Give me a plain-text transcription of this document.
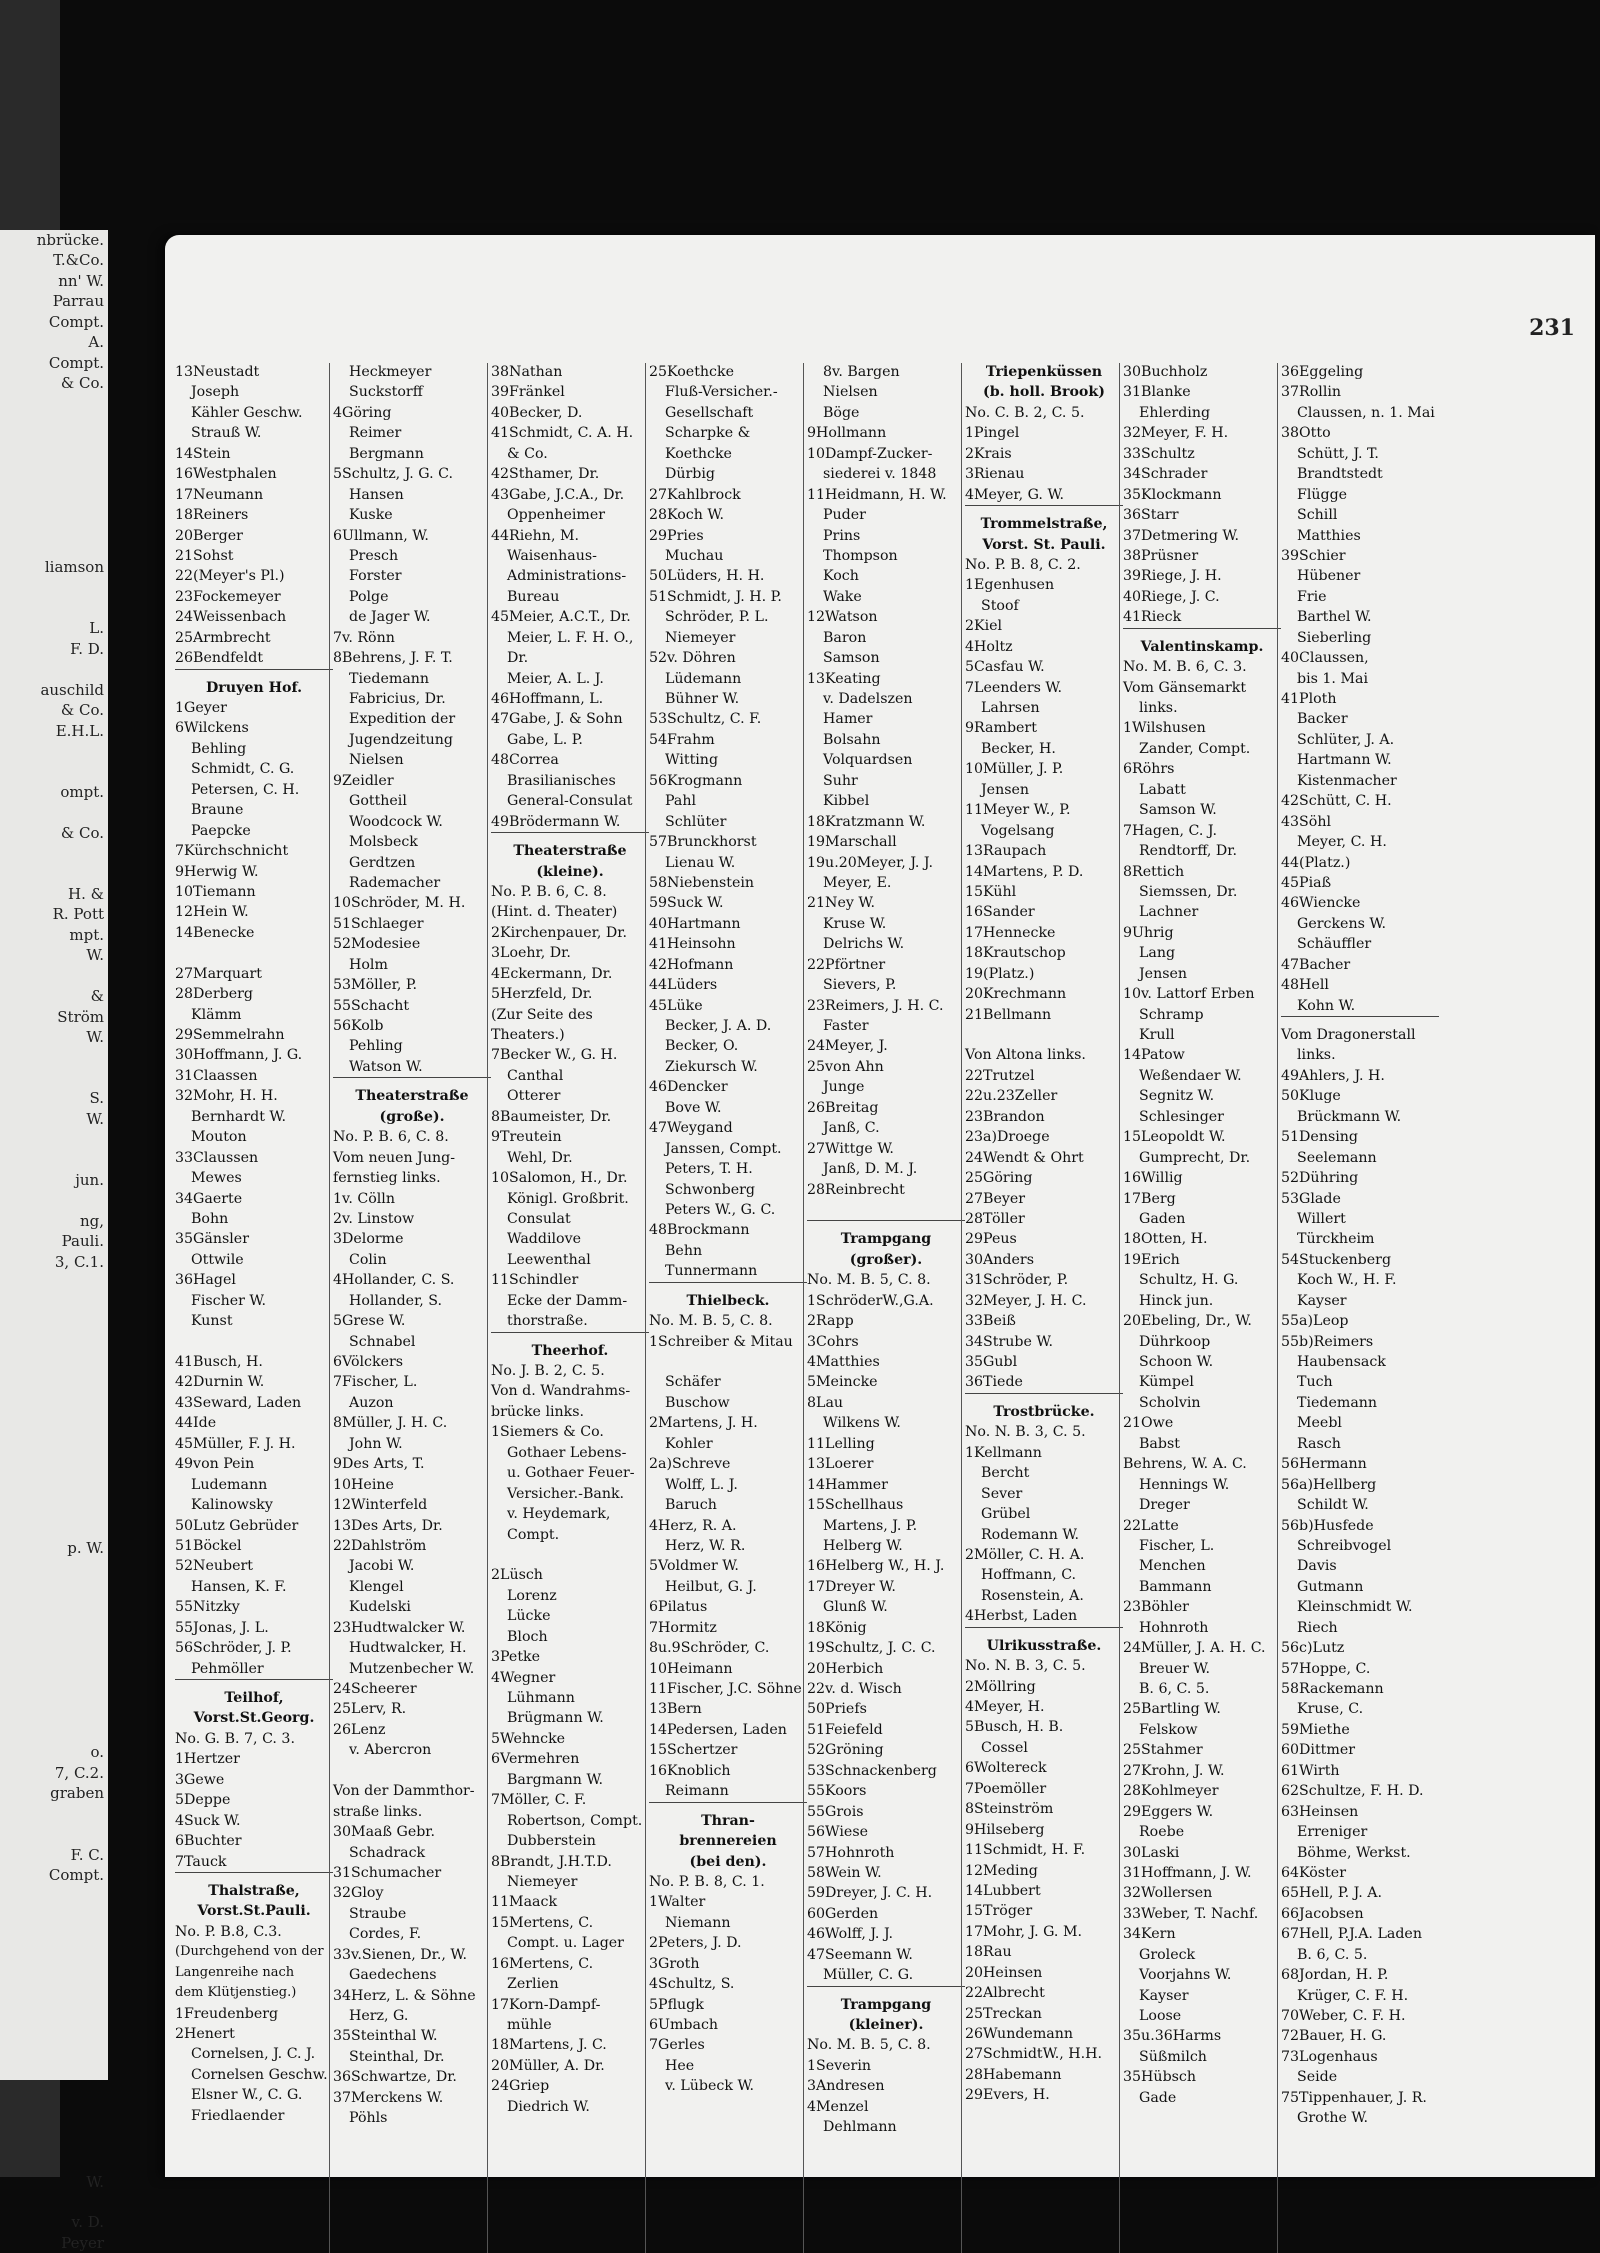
nbrücke.
T.&Co.
nn' W.
Parrau
Compt.
A.
Compt.
& Co.
liamson
L.
F. D.
auschild
& Co.
E.H.L.
ompt.
& Co.
H. &
R. Pott
mpt.
W.
&
Ström
W.
S.
W.
jun.
ng,
Pauli.
3, C.1.
p. W.
o.
7, C.2.
graben
F. C.
Compt.
W.
v. D.
Peyer
231
13Neustadt
Joseph
Kähler Geschw.
Strauß W.
14Stein
16Westphalen
17Neumann
18Reiners
20Berger
21Sohst
22(Meyer's Pl.)
23Fockemeyer
24Weissenbach
25Armbrecht
26Bendfeldt
Druyen Hof.
1Geyer
6Wilckens
Behling
Schmidt, C. G.
Petersen, C. H.
Braune
Paepcke
7Kürchschnicht
9Herwig W.
10Tiemann
12Hein W.
14Benecke
27Marquart
28Derberg
Klämm
29Semmelrahn
30Hoffmann, J. G.
31Claassen
32Mohr, H. H.
Bernhardt W.
Mouton
33Claussen
Mewes
34Gaerte
Bohn
35Gänsler
Ottwile
36Hagel
Fischer W.
Kunst
41Busch, H.
42Durnin W.
43Seward, Laden
44Ide
45Müller, F. J. H.
49von Pein
Ludemann
Kalinowsky
50Lutz Gebrüder
51Böckel
52Neubert
Hansen, K. F.
55Nitzky
55Jonas, J. L.
56Schröder, J. P.
Pehmöller
Teilhof,
Vorst.St.Georg.
No. G. B. 7, C. 3.
1Hertzer
3Gewe
5Deppe
4Suck W.
6Buchter
7Tauck
Thalstraße,
Vorst.St.Pauli.
No. P. B.8, C.3.
(Durchgehend von der
Langenreihe nach
dem Klütjenstieg.)
1Freudenberg
2Henert
Cornelsen, J. C. J.
Cornelsen Geschw.
Elsner W., C. G.
Friedlaender
Heckmeyer
Suckstorff
4Göring
Reimer
Bergmann
5Schultz, J. G. C.
Hansen
Kuske
6Ullmann, W.
Presch
Forster
Polge
de Jager W.
7v. Rönn
8Behrens, J. F. T.
Tiedemann
Fabricius, Dr.
Expedition der
Jugendzeitung
Nielsen
9Zeidler
Gottheil
Woodcock W.
Molsbeck
Gerdtzen
Rademacher
10Schröder, M. H.
51Schlaeger
52Modesiee
Holm
53Möller, P.
55Schacht
56Kolb
Pehling
Watson W.
Theaterstraße
(große).
No. P. B. 6, C. 8.
Vom neuen Jung-
fernstieg links.
1v. Cölln
2v. Linstow
3Delorme
Colin
4Hollander, C. S.
Hollander, S.
5Grese W.
Schnabel
6Völckers
7Fischer, L.
Auzon
8Müller, J. H. C.
John W.
9Des Arts, T.
10Heine
12Winterfeld
13Des Arts, Dr.
22Dahlström
Jacobi W.
Klengel
Kudelski
23Hudtwalcker W.
Hudtwalcker, H.
Mutzenbecher W.
24Scheerer
25Lerv, R.
26Lenz
v. Abercron
Von der Dammthor-
straße links.
30Maaß Gebr.
Schadrack
31Schumacher
32Gloy
Straube
Cordes, F.
33v.Sienen, Dr., W.
Gaedechens
34Herz, L. & Söhne
Herz, G.
35Steinthal W.
Steinthal, Dr.
36Schwartze, Dr.
37Merckens W.
Pöhls
38Nathan
39Fränkel
40Becker, D.
41Schmidt, C. A. H.
& Co.
42Sthamer, Dr.
43Gabe, J.C.A., Dr.
Oppenheimer
44Riehn, M.
Waisenhaus-
Administrations-
Bureau
45Meier, A.C.T., Dr.
Meier, L. F. H. O.,
Dr.
Meier, A. L. J.
46Hoffmann, L.
47Gabe, J. & Sohn
Gabe, L. P.
48Correa
Brasilianisches
General-Consulat
49Brödermann W.
Theaterstraße
(kleine).
No. P. B. 6, C. 8.
(Hint. d. Theater)
2Kirchenpauer, Dr.
3Loehr, Dr.
4Eckermann, Dr.
5Herzfeld, Dr.
(Zur Seite des
Theaters.)
7Becker W., G. H.
Canthal
Otterer
8Baumeister, Dr.
9Treutein
Wehl, Dr.
10Salomon, H., Dr.
Königl. Großbrit.
Consulat
Waddilove
Leewenthal
11Schindler
Ecke der Damm-
thorstraße.
Theerhof.
No. J. B. 2, C. 5.
Von d. Wandrahms-
brücke links.
1Siemers & Co.
Gothaer Lebens-
u. Gothaer Feuer-
Versicher.-Bank.
v. Heydemark,
Compt.
2Lüsch
Lorenz
Lücke
Bloch
3Petke
4Wegner
Lühmann
Brügmann W.
5Wehncke
6Vermehren
Bargmann W.
7Möller, C. F.
Robertson, Compt.
Dubberstein
8Brandt, J.H.T.D.
Niemeyer
11Maack
15Mertens, C.
Compt. u. Lager
16Mertens, C.
Zerlien
17Korn-Dampf-
mühle
18Martens, J. C.
20Müller, A. Dr.
24Griep
Diedrich W.
25Koethcke
Fluß-Versicher.-
Gesellschaft
Scharpke &
Koethcke
Dürbig
27Kahlbrock
28Koch W.
29Pries
Muchau
50Lüders, H. H.
51Schmidt, J. H. P.
Schröder, P. L.
Niemeyer
52v. Döhren
Lüdemann
Bühner W.
53Schultz, C. F.
54Frahm
Witting
56Krogmann
Pahl
Schlüter
57Brunckhorst
Lienau W.
58Niebenstein
59Suck W.
40Hartmann
41Heinsohn
42Hofmann
44Lüders
45Lüke
Becker, J. A. D.
Becker, O.
Ziekursch W.
46Dencker
Bove W.
47Weygand
Janssen, Compt.
Peters, T. H.
Schwonberg
Peters W., G. C.
48Brockmann
Behn
Tunnermann
Thielbeck.
No. M. B. 5, C. 8.
1Schreiber & Mitau
Schäfer
Buschow
2Martens, J. H.
Kohler
2a)Schreve
Wolff, L. J.
Baruch
4Herz, R. A.
Herz, W. R.
5Voldmer W.
Heilbut, G. J.
6Pilatus
7Hormitz
8u.9Schröder, C.
10Heimann
11Fischer, J.C. Söhne
13Bern
14Pedersen, Laden
15Schertzer
16Knoblich
Reimann
Thran-
brennereien
(bei den).
No. P. B. 8, C. 1.
1Walter
Niemann
2Peters, J. D.
3Groth
4Schultz, S.
5Pflugk
6Umbach
7Gerles
Hee
v. Lübeck W.
8v. Bargen
Nielsen
Böge
9Hollmann
10Dampf-Zucker-
siederei v. 1848
11Heidmann, H. W.
Puder
Prins
Thompson
Koch
Wake
12Watson
Baron
Samson
13Keating
v. Dadelszen
Hamer
Bolsahn
Volquardsen
Suhr
Kibbel
18Kratzmann W.
19Marschall
19u.20Meyer, J. J.
Meyer, E.
21Ney W.
Kruse W.
Delrichs W.
22Pförtner
Sievers, P.
23Reimers, J. H. C.
Faster
24Meyer, J.
25von Ahn
Junge
26Breitag
Janß, C.
27Wittge W.
Janß, D. M. J.
28Reinbrecht
Trampgang
(großer).
No. M. B. 5, C. 8.
1SchröderW.,G.A.
2Rapp
3Cohrs
4Matthies
5Meincke
8Lau
Wilkens W.
11Lelling
13Loerer
14Hammer
15Schellhaus
Martens, J. P.
Helberg W.
16Helberg W., H. J.
17Dreyer W.
Glunß W.
18König
19Schultz, J. C. C.
20Herbich
22v. d. Wisch
50Priefs
51Feiefeld
52Gröning
53Schnackenberg
55Koors
55Grois
56Wiese
57Hohnroth
58Wein W.
59Dreyer, J. C. H.
60Gerden
46Wolff, J. J.
47Seemann W.
Müller, C. G.
Trampgang
(kleiner).
No. M. B. 5, C. 8.
1Severin
3Andresen
4Menzel
Dehlmann
Triepenküssen
(b. holl. Brook)
No. C. B. 2, C. 5.
1Pingel
2Krais
3Rienau
4Meyer, G. W.
Trommelstraße,
Vorst. St. Pauli.
No. P. B. 8, C. 2.
1Egenhusen
Stoof
2Kiel
4Holtz
5Casfau W.
7Leenders W.
Lahrsen
9Rambert
Becker, H.
10Müller, J. P.
Jensen
11Meyer W., P.
Vogelsang
13Raupach
14Martens, P. D.
15Kühl
16Sander
17Hennecke
18Krautschop
19(Platz.)
20Krechmann
21Bellmann
Von Altona links.
22Trutzel
22u.23Zeller
23Brandon
23a)Droege
24Wendt & Ohrt
25Göring
27Beyer
28Töller
29Peus
30Anders
31Schröder, P.
32Meyer, J. H. C.
33Beiß
34Strube W.
35Gubl
36Tiede
Trostbrücke.
No. N. B. 3, C. 5.
1Kellmann
Bercht
Sever
Grübel
Rodemann W.
2Möller, C. H. A.
Hoffmann, C.
Rosenstein, A.
4Herbst, Laden
Ulrikusstraße.
No. N. B. 3, C. 5.
2Möllring
4Meyer, H.
5Busch, H. B.
Cossel
6Woltereck
7Poemöller
8Steinström
9Hilseberg
11Schmidt, H. F.
12Meding
14Lubbert
15Tröger
17Mohr, J. G. M.
18Rau
20Heinsen
22Albrecht
25Treckan
26Wundemann
27SchmidtW., H.H.
28Habemann
29Evers, H.
30Buchholz
31Blanke
Ehlerding
32Meyer, F. H.
33Schultz
34Schrader
35Klockmann
36Starr
37Detmering W.
38Prüsner
39Riege, J. H.
40Riege, J. C.
41Rieck
Valentinskamp.
No. M. B. 6, C. 3.
Vom Gänsemarkt
links.
1Wilshusen
Zander, Compt.
6Röhrs
Labatt
Samson W.
7Hagen, C. J.
Rendtorff, Dr.
8Rettich
Siemssen, Dr.
Lachner
9Uhrig
Lang
Jensen
10v. Lattorf Erben
Schramp
Krull
14Patow
Weßendaer W.
Segnitz W.
Schlesinger
15Leopoldt W.
Gumprecht, Dr.
16Willig
17Berg
Gaden
18Otten, H.
19Erich
Schultz, H. G.
Hinck jun.
20Ebeling, Dr., W.
Dührkoop
Schoon W.
Kümpel
Scholvin
21Owe
Babst
Behrens, W. A. C.
Hennings W.
Dreger
22Latte
Fischer, L.
Menchen
Bammann
23Böhler
Hohnroth
24Müller, J. A. H. C.
Breuer W.
B. 6, C. 5.
25Bartling W.
Felskow
25Stahmer
27Krohn, J. W.
28Kohlmeyer
29Eggers W.
Roebe
30Laski
31Hoffmann, J. W.
32Wollersen
33Weber, T. Nachf.
34Kern
Groleck
Voorjahns W.
Kayser
Loose
35u.36Harms
Süßmilch
35Hübsch
Gade
36Eggeling
37Rollin
Claussen, n. 1. Mai
38Otto
Schütt, J. T.
Brandtstedt
Flügge
Schill
Matthies
39Schier
Hübener
Frie
Barthel W.
Sieberling
40Claussen,
bis 1. Mai
41Ploth
Backer
Schlüter, J. A.
Hartmann W.
Kistenmacher
42Schütt, C. H.
43Söhl
Meyer, C. H.
44(Platz.)
45Piaß
46Wiencke
Gerckens W.
Schäuffler
47Bacher
48Hell
Kohn W.
Vom Dragonerstall
links.
49Ahlers, J. H.
50Kluge
Brückmann W.
51Densing
Seelemann
52Dühring
53Glade
Willert
Türckheim
54Stuckenberg
Koch W., H. F.
Kayser
55a)Leop
55b)Reimers
Haubensack
Tuch
Tiedemann
Meebl
Rasch
56Hermann
56a)Hellberg
Schildt W.
56b)Husfede
Schreibvogel
Davis
Gutmann
Kleinschmidt W.
Riech
56c)Lutz
57Hoppe, C.
58Rackemann
Kruse, C.
59Miethe
60Dittmer
61Wirth
62Schultze, F. H. D.
63Heinsen
Erreniger
Böhme, Werkst.
64Köster
65Hell, P. J. A.
66Jacobsen
67Hell, P.J.A. Laden
B. 6, C. 5.
68Jordan, H. P.
Krüger, C. F. H.
70Weber, C. F. H.
72Bauer, H. G.
73Logenhaus
Seide
75Tippenhauer, J. R.
Grothe W.
